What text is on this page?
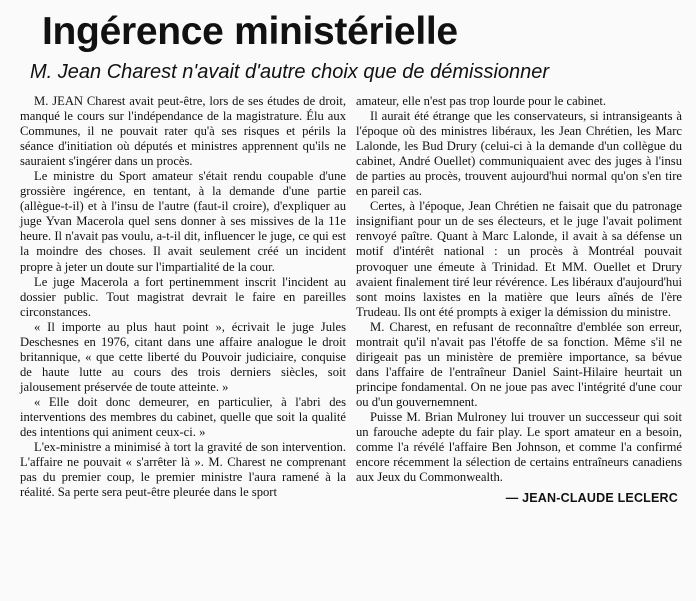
Ingérence ministérielle
M. Jean Charest n'avait d'autre choix que de démissionner

M. JEAN Charest avait peut-être, lors de ses études de droit, manqué le cours sur l'indépendance de la magistrature. Élu aux Communes, il ne pouvait rater qu'à ses risques et périls la séance d'initiation où députés et ministres apprennent qu'ils ne sauraient s'ingérer dans un procès.

Le ministre du Sport amateur s'était rendu coupable d'une grossière ingérence, en tentant, à la demande d'une partie (allègue-t-il) et à l'insu de l'autre (faut-il croire), d'expliquer au juge Yvan Macerola quel sens donner à ses missives de la 11e heure. Il n'avait pas voulu, a-t-il dit, influencer le juge, ce qui est la moindre des choses. Il avait seulement créé un incident propre à jeter un doute sur l'impartialité de la cour.

Le juge Macerola a fort pertinemment inscrit l'incident au dossier public. Tout magistrat devrait le faire en pareilles circonstances.

« Il importe au plus haut point », écrivait le juge Jules Deschesnes en 1976, citant dans une affaire analogue le droit britannique, « que cette liberté du Pouvoir judiciaire, conquise de haute lutte au cours des trois derniers siècles, soit jalousement préservée de toute atteinte. »

« Elle doit donc demeurer, en particulier, à l'abri des interventions des membres du cabinet, quelle que soit la qualité des intentions qui animent ceux-ci. »

L'ex-ministre a minimisé à tort la gravité de son intervention. L'affaire ne pouvait « s'arrêter là ». M. Charest ne comprenant pas du premier coup, le premier ministre l'aura ramené à la réalité. Sa perte sera peut-être pleurée dans le sport

amateur, elle n'est pas trop lourde pour le cabinet.

Il aurait été étrange que les conservateurs, si intransigeants à l'époque où des ministres libéraux, les Jean Chrétien, les Marc Lalonde, les Bud Drury (celui-ci à la demande d'un collègue du cabinet, André Ouellet) communiquaient avec des juges à l'insu de parties au procès, trouvent aujourd'hui normal qu'on s'en tire en pareil cas.

Certes, à l'époque, Jean Chrétien ne faisait que du patronage insignifiant pour un de ses électeurs, et le juge l'avait poliment renvoyé paître. Quant à Marc Lalonde, il avait à sa défense un motif d'intérêt national : un procès à Montréal pouvait provoquer une émeute à Trinidad. Et MM. Ouellet et Drury avaient finalement tiré leur révérence. Les libéraux d'aujourd'hui sont moins laxistes en la matière que leurs aînés de l'ère Trudeau. Ils ont été prompts à exiger la démission du ministre.

M. Charest, en refusant de reconnaître d'emblée son erreur, montrait qu'il n'avait pas l'étoffe de sa fonction. Même s'il ne dirigeait pas un ministère de première importance, sa bévue dans l'affaire de l'entraîneur Daniel Saint-Hilaire heurtait un principe fondamental. On ne joue pas avec l'intégrité d'une cour ou d'un gouvernemnent.

Puisse M. Brian Mulroney lui trouver un successeur qui soit un farouche adepte du fair play. Le sport amateur en a besoin, comme l'a révélé l'affaire Ben Johnson, et comme l'a confirmé encore récemment la sélection de certains entraîneurs canadiens aux Jeux du Commonwealth.

— JEAN-CLAUDE LECLERC
